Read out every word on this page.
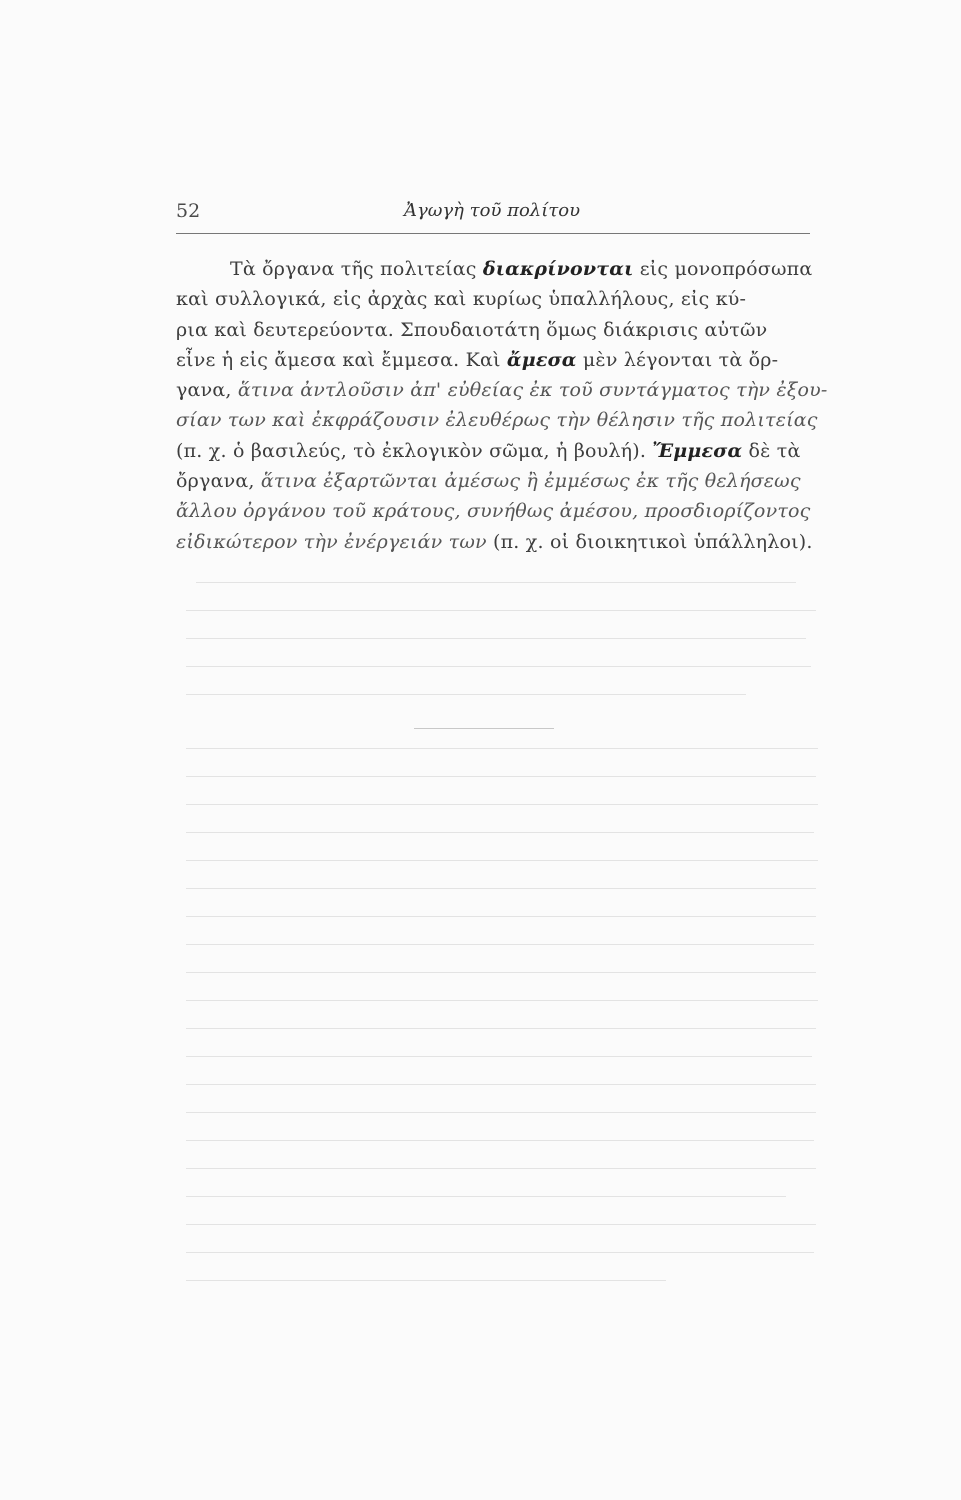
52	Ἀγωγὴ τοῦ πολίτου
Τὰ ὄργανα τῆς πολιτείας διακρίνονται εἰς μονοπρόσωπα
καὶ συλλογικά, εἰς ἀρχὰς καὶ κυρίως ὑπαλλήλους, εἰς κύ-
ρια καὶ δευτερεύοντα. Σπουδαιοτάτη ὅμως διάκρισις αὐτῶν
εἶνε ἡ εἰς ἄμεσα καὶ ἔμμεσα. Καὶ ἄμεσα μὲν λέγονται τὰ ὄρ-
γανα, ἅτινα ἀντλοῦσιν ἀπ' εὐθείας ἐκ τοῦ συντάγματος τὴν ἐξου-
σίαν των καὶ ἐκφράζουσιν ἐλευθέρως τὴν θέλησιν τῆς πολιτείας
(π. χ. ὁ βασιλεύς, τὸ ἐκλογικὸν σῶμα, ἡ βουλή). Ἔμμεσα δὲ τὰ
ὄργανα, ἅτινα ἐξαρτῶνται ἀμέσως ἢ ἐμμέσως ἐκ τῆς θελήσεως
ἄλλου ὀργάνου τοῦ κράτους, συνήθως ἀμέσου, προσδιορίζοντος
εἰδικώτερον τὴν ἐνέργειάν των (π. χ. οἱ διοικητικοὶ ὑπάλληλοι).
